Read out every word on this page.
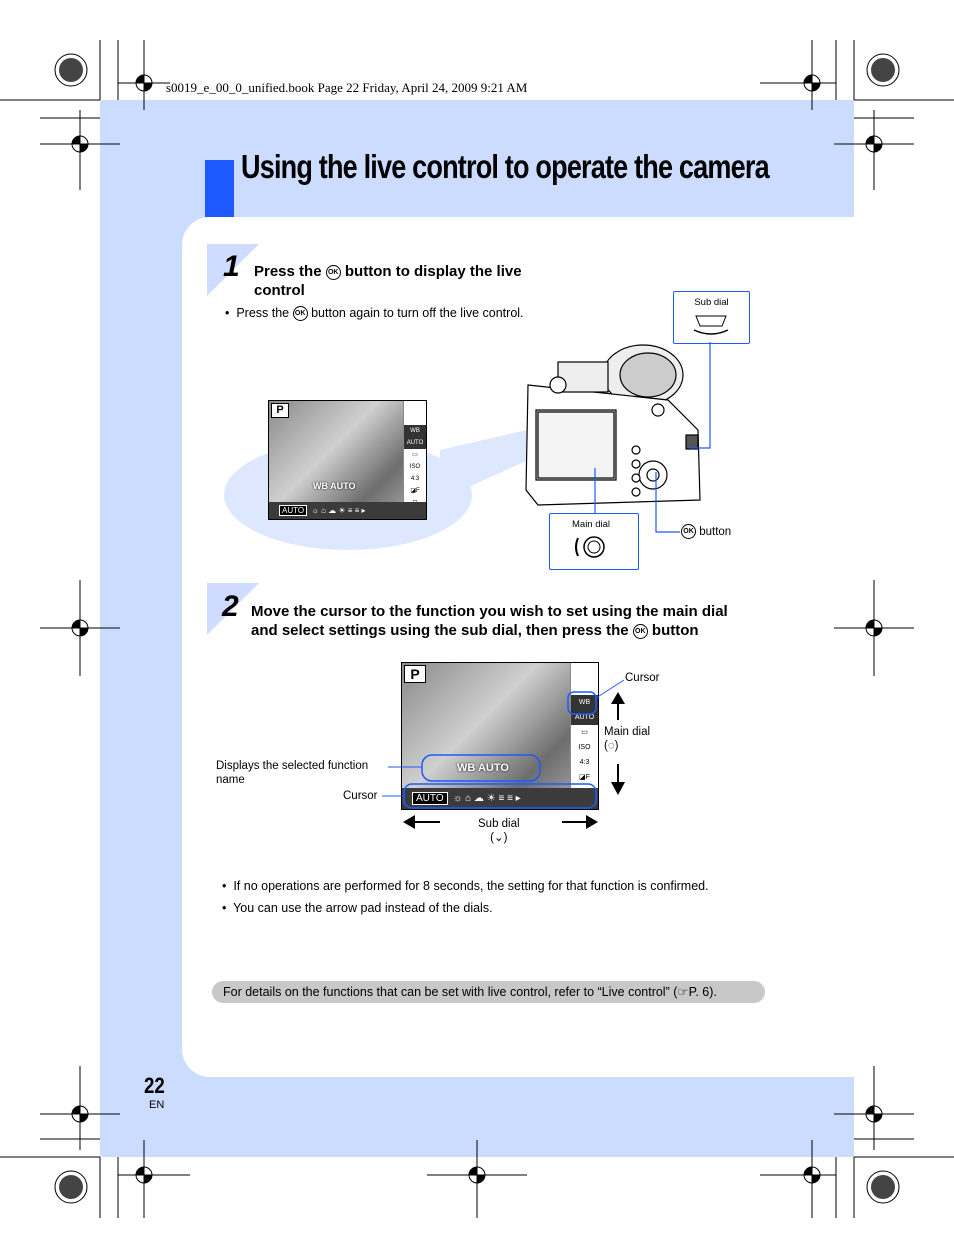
s0019_e_00_0_unified.book Page 22 Friday, April 24, 2009 9:21 AM
Using the live control to operate the camera
1 Press the OK button to display the live control
•  Press the OK button again to turn off the live control.
P
WB AUTO
▭
ISO
4:3
◪F
WB AUTO
AUTO  ☼ ⌂ ☁ ☀ ≡ ≡ ▸
Sub dial
Main dial
OK button
2 Move the cursor to the function you wish to set using the main dial and select settings using the sub dial, then press the OK button
P
WB AUTO
▭
ISO
4:3
◪F
WB AUTO
AUTO  ☼ ⌂ ☁ ☀ ≡ ≡ ▸
Cursor
Main dial
(◌)
Displays the selected function name
Cursor
Sub dial
(⌄)
•  If no operations are performed for 8 seconds, the setting for that function is confirmed.
•  You can use the arrow pad instead of the dials.
For details on the functions that can be set with live control, refer to “Live control” (☞P. 6).
22
EN
